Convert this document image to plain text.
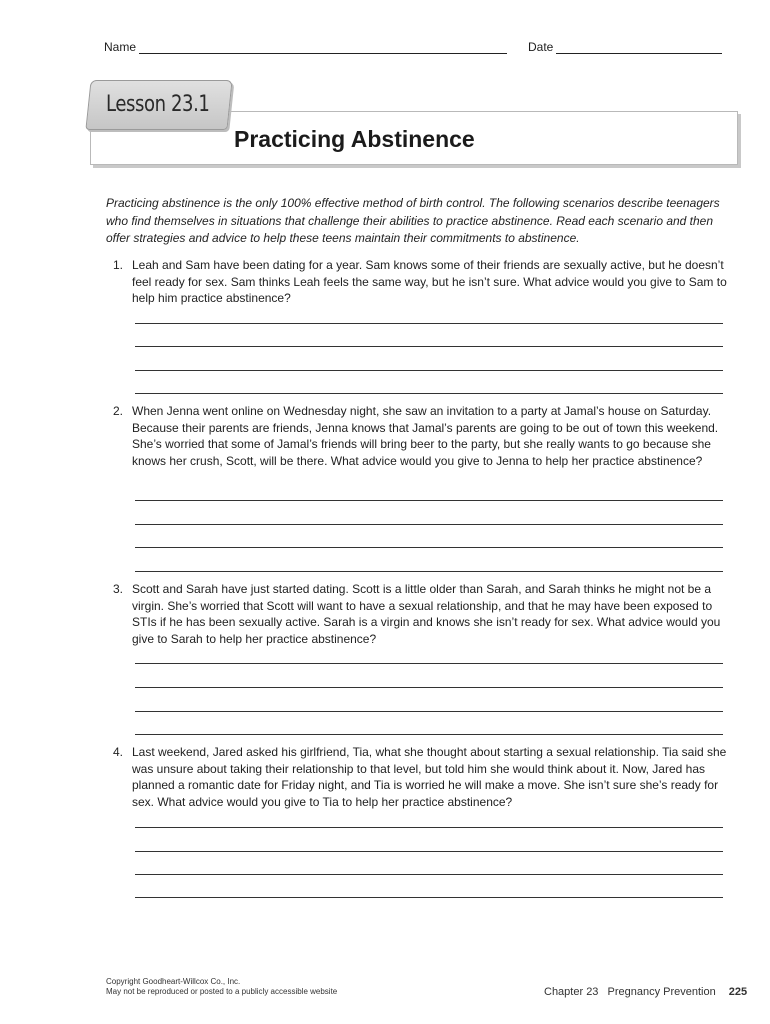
Name	Date
Lesson 23.1
Practicing Abstinence
Practicing abstinence is the only 100% effective method of birth control. The following scenarios describe teenagers who find themselves in situations that challenge their abilities to practice abstinence. Read each scenario and then offer strategies and advice to help these teens maintain their commitments to abstinence.
1. Leah and Sam have been dating for a year. Sam knows some of their friends are sexually active, but he doesn’t feel ready for sex. Sam thinks Leah feels the same way, but he isn’t sure. What advice would you give to Sam to help him practice abstinence?
2. When Jenna went online on Wednesday night, she saw an invitation to a party at Jamal’s house on Saturday. Because their parents are friends, Jenna knows that Jamal’s parents are going to be out of town this weekend. She’s worried that some of Jamal’s friends will bring beer to the party, but she really wants to go because she knows her crush, Scott, will be there. What advice would you give to Jenna to help her practice abstinence?
3. Scott and Sarah have just started dating. Scott is a little older than Sarah, and Sarah thinks he might not be a virgin. She’s worried that Scott will want to have a sexual relationship, and that he may have been exposed to STIs if he has been sexually active. Sarah is a virgin and knows she isn’t ready for sex. What advice would you give to Sarah to help her practice abstinence?
4. Last weekend, Jared asked his girlfriend, Tia, what she thought about starting a sexual relationship. Tia said she was unsure about taking their relationship to that level, but told him she would think about it. Now, Jared has planned a romantic date for Friday night, and Tia is worried he will make a move. She isn’t sure she’s ready for sex. What advice would you give to Tia to help her practice abstinence?
Copyright Goodheart-Willcox Co., Inc.
May not be reproduced or posted to a publicly accessible website	Chapter 23 Pregnancy Prevention 225
